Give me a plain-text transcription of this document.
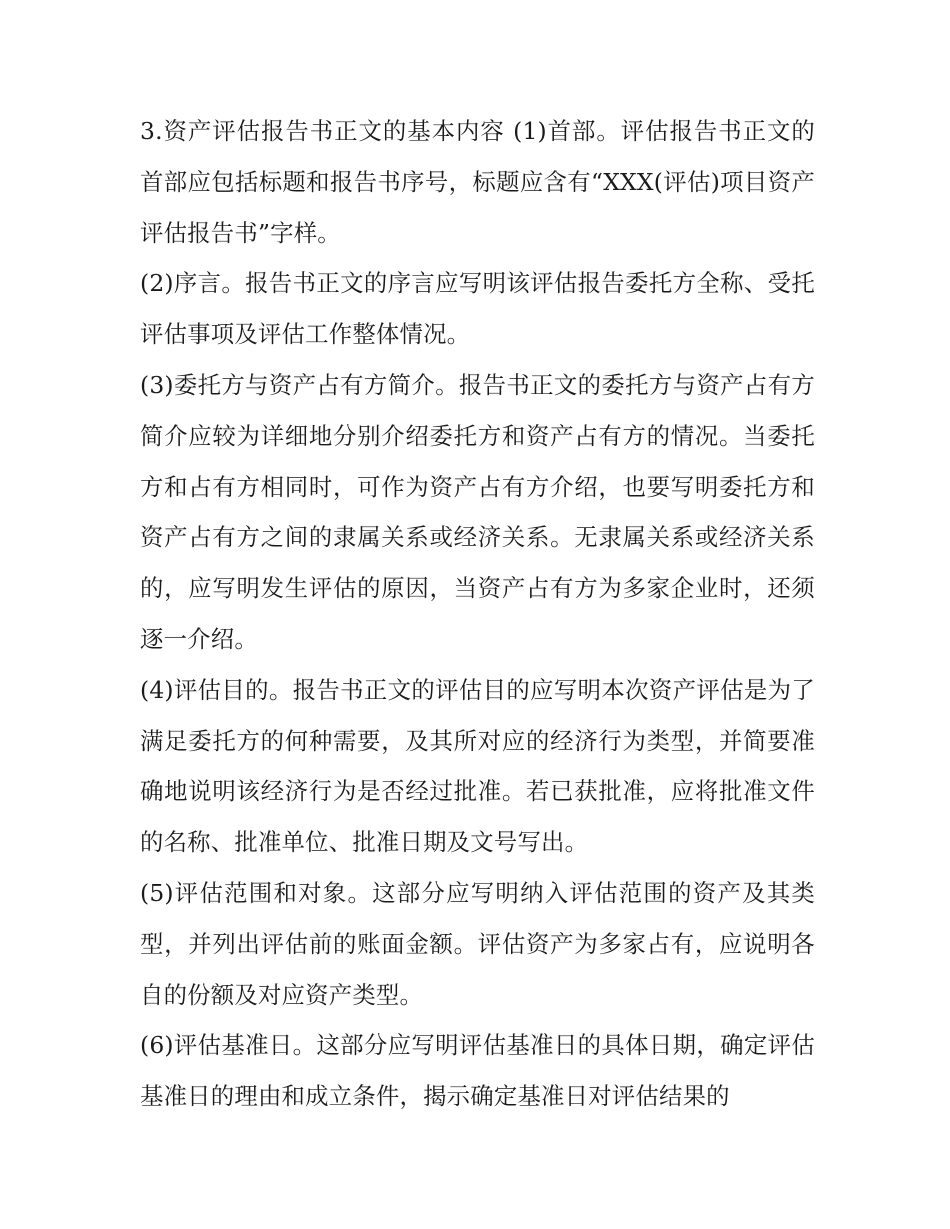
3.资产评估报告书正文的基本内容 (1)首部。评估报告书正文的首部应包括标题和报告书序号，标题应含有“XXX(评估)项目资产评估报告书”字样。

(2)序言。报告书正文的序言应写明该评估报告委托方全称、受托评估事项及评估工作整体情况。

(3)委托方与资产占有方简介。报告书正文的委托方与资产占有方简介应较为详细地分别介绍委托方和资产占有方的情况。当委托方和占有方相同时，可作为资产占有方介绍，也要写明委托方和资产占有方之间的隶属关系或经济关系。无隶属关系或经济关系的，应写明发生评估的原因，当资产占有方为多家企业时，还须逐一介绍。

(4)评估目的。报告书正文的评估目的应写明本次资产评估是为了满足委托方的何种需要，及其所对应的经济行为类型，并简要准确地说明该经济行为是否经过批准。若已获批准，应将批准文件的名称、批准单位、批准日期及文号写出。

(5)评估范围和对象。这部分应写明纳入评估范围的资产及其类型，并列出评估前的账面金额。评估资产为多家占有，应说明各自的份额及对应资产类型。

(6)评估基准日。这部分应写明评估基准日的具体日期，确定评估基准日的理由和成立条件，揭示确定基准日对评估结果的
